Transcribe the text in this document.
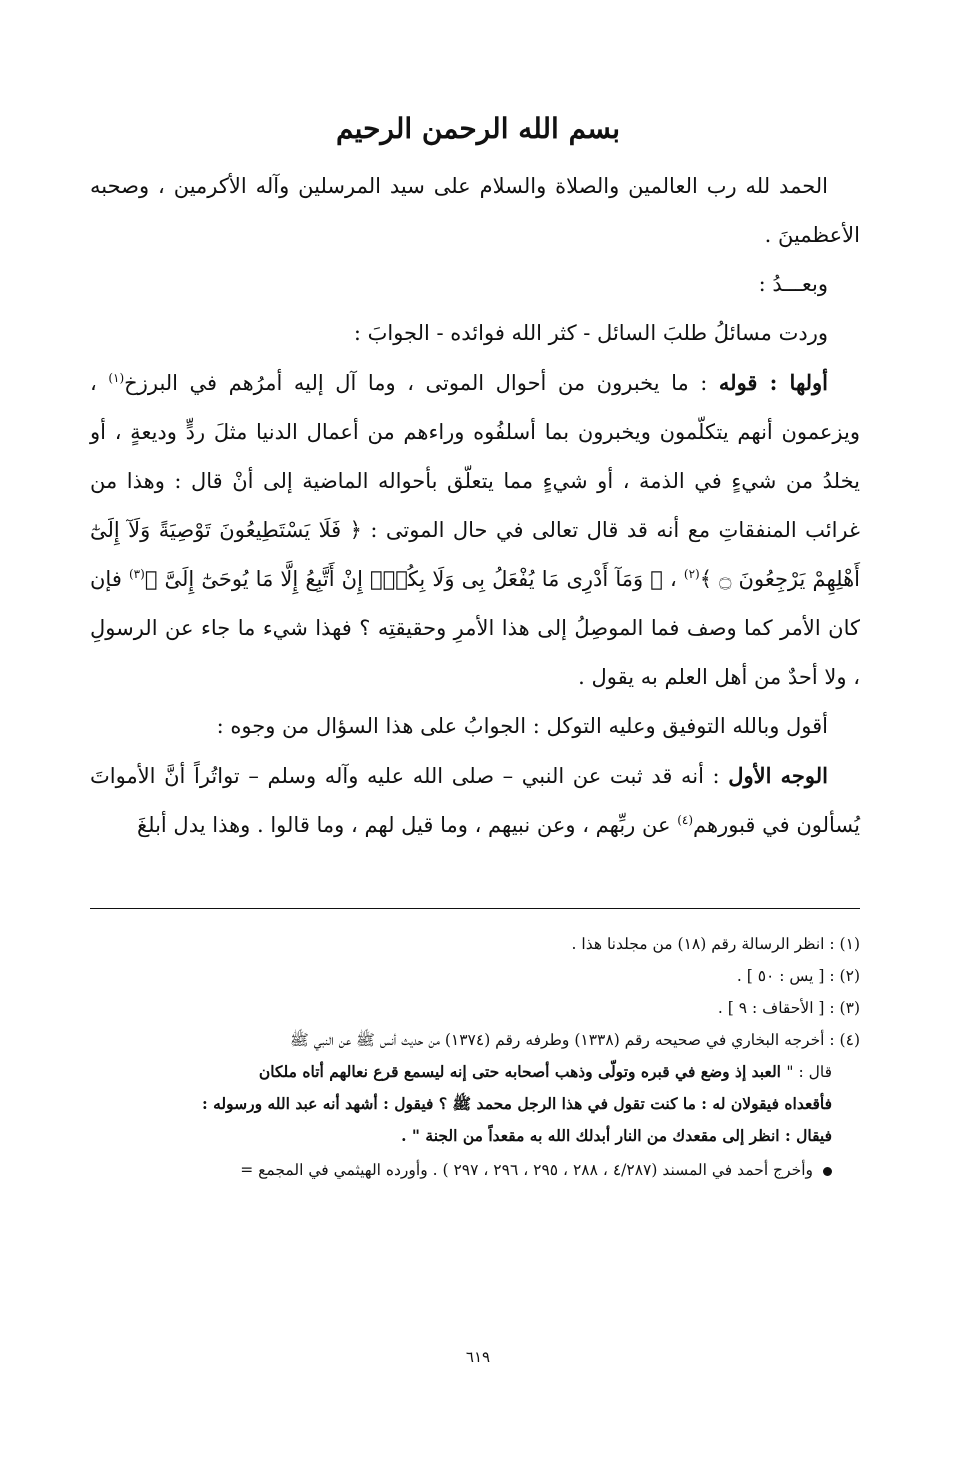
بسم الله الرحمن الرحيم

الحمد لله رب العالمين والصلاة والسلام على سيد المرسلين وآله الأكرمين ، وصحبه الأعظمينَ .

وبعـــدُ :

وردت مسائلُ طلبَ السائل - كثر الله فوائده - الجوابَ :

أولها : قوله : ما يخبرون من أحوال الموتى ، وما آل إليه أمرُهم في البرزخ$^{(١)}$ ، ويزعمون أنهم يتكلّمون ويخبرون بما أسلفُوه وراءهم من أعمال الدنيا مثلَ ردٍّ وديعةٍ ، أو يخلدُ من شيءٍ في الذمة ، أو شيءٍ مما يتعلّق بأحواله الماضية إلى أنْ قال : وهذا من غرائب المنفقاتِ مع أنه قد قال تعالى في حال الموتى : ﴿ فَلَا يَسْتَطِيعُونَ تَوْصِيَةً وَلَآ إِلَىٰٓ أَهْلِهِمْ يَرْجِعُونَ ۝ ﴾$^{(٢)}$ ، ﴿ وَمَآ أَدْرِى مَا يُفْعَلُ بِى وَلَا بِكُمْۖ إِنْ أَتَّبِعُ إِلَّا مَا يُوحَىٰٓ إِلَىَّ ﴾$^{(٣)}$ فإن كان الأمر كما وصف فما الموصِلُ إلى هذا الأمرِ وحقيقتِه ؟ فهذا شيء ما جاء عن الرسولِ ، ولا أحدٌ من أهل العلم به يقول .

أقول وبالله التوفيق وعليه التوكل : الجوابُ على هذا السؤال من وجوه :

الوجه الأول : أنه قد ثبت عن النبي – صلى الله عليه وآله وسلم – تواتُراً أنَّ الأمواتَ يُسألون في قبورهم$^{(٤)}$ عن ربِّهم ، وعن نبيهم ، وما قيل لهم ، وما قالوا . وهذا يدل أبلغَ

(١) : انظر الرسالة رقم (١٨) من مجلدنا هذا .

(٢) : [ يس : ٥٠ ] .

(٣) : [ الأحقاف : ٩ ] .

(٤) : أخرجه البخاري في صحيحه رقم (١٣٣٨) وطرفه رقم (١٣٧٤) من حديث أنس ﷺ عن النبي ﷺ

قال : " العبد إذ وضع في قبره وتولّى وذهب أصحابه حتى إنه ليسمع قرع نعالهم أتاه ملكان

فأقعداه فيقولان له : ما كنت تقول في هذا الرجل محمد ﷺ ؟ فيقول : أشهد أنه عبد الله ورسوله :

فيقال : انظر إلى مقعدك من النار أبدلك الله به مقعداً من الجنة " .

وأخرج أحمد في المسند (٤/٢٨٧ ، ٢٨٨ ، ٢٩٥ ، ٢٩٦ ، ٢٩٧ ) . وأورده الهيثمي في المجمع =

٦١٩
